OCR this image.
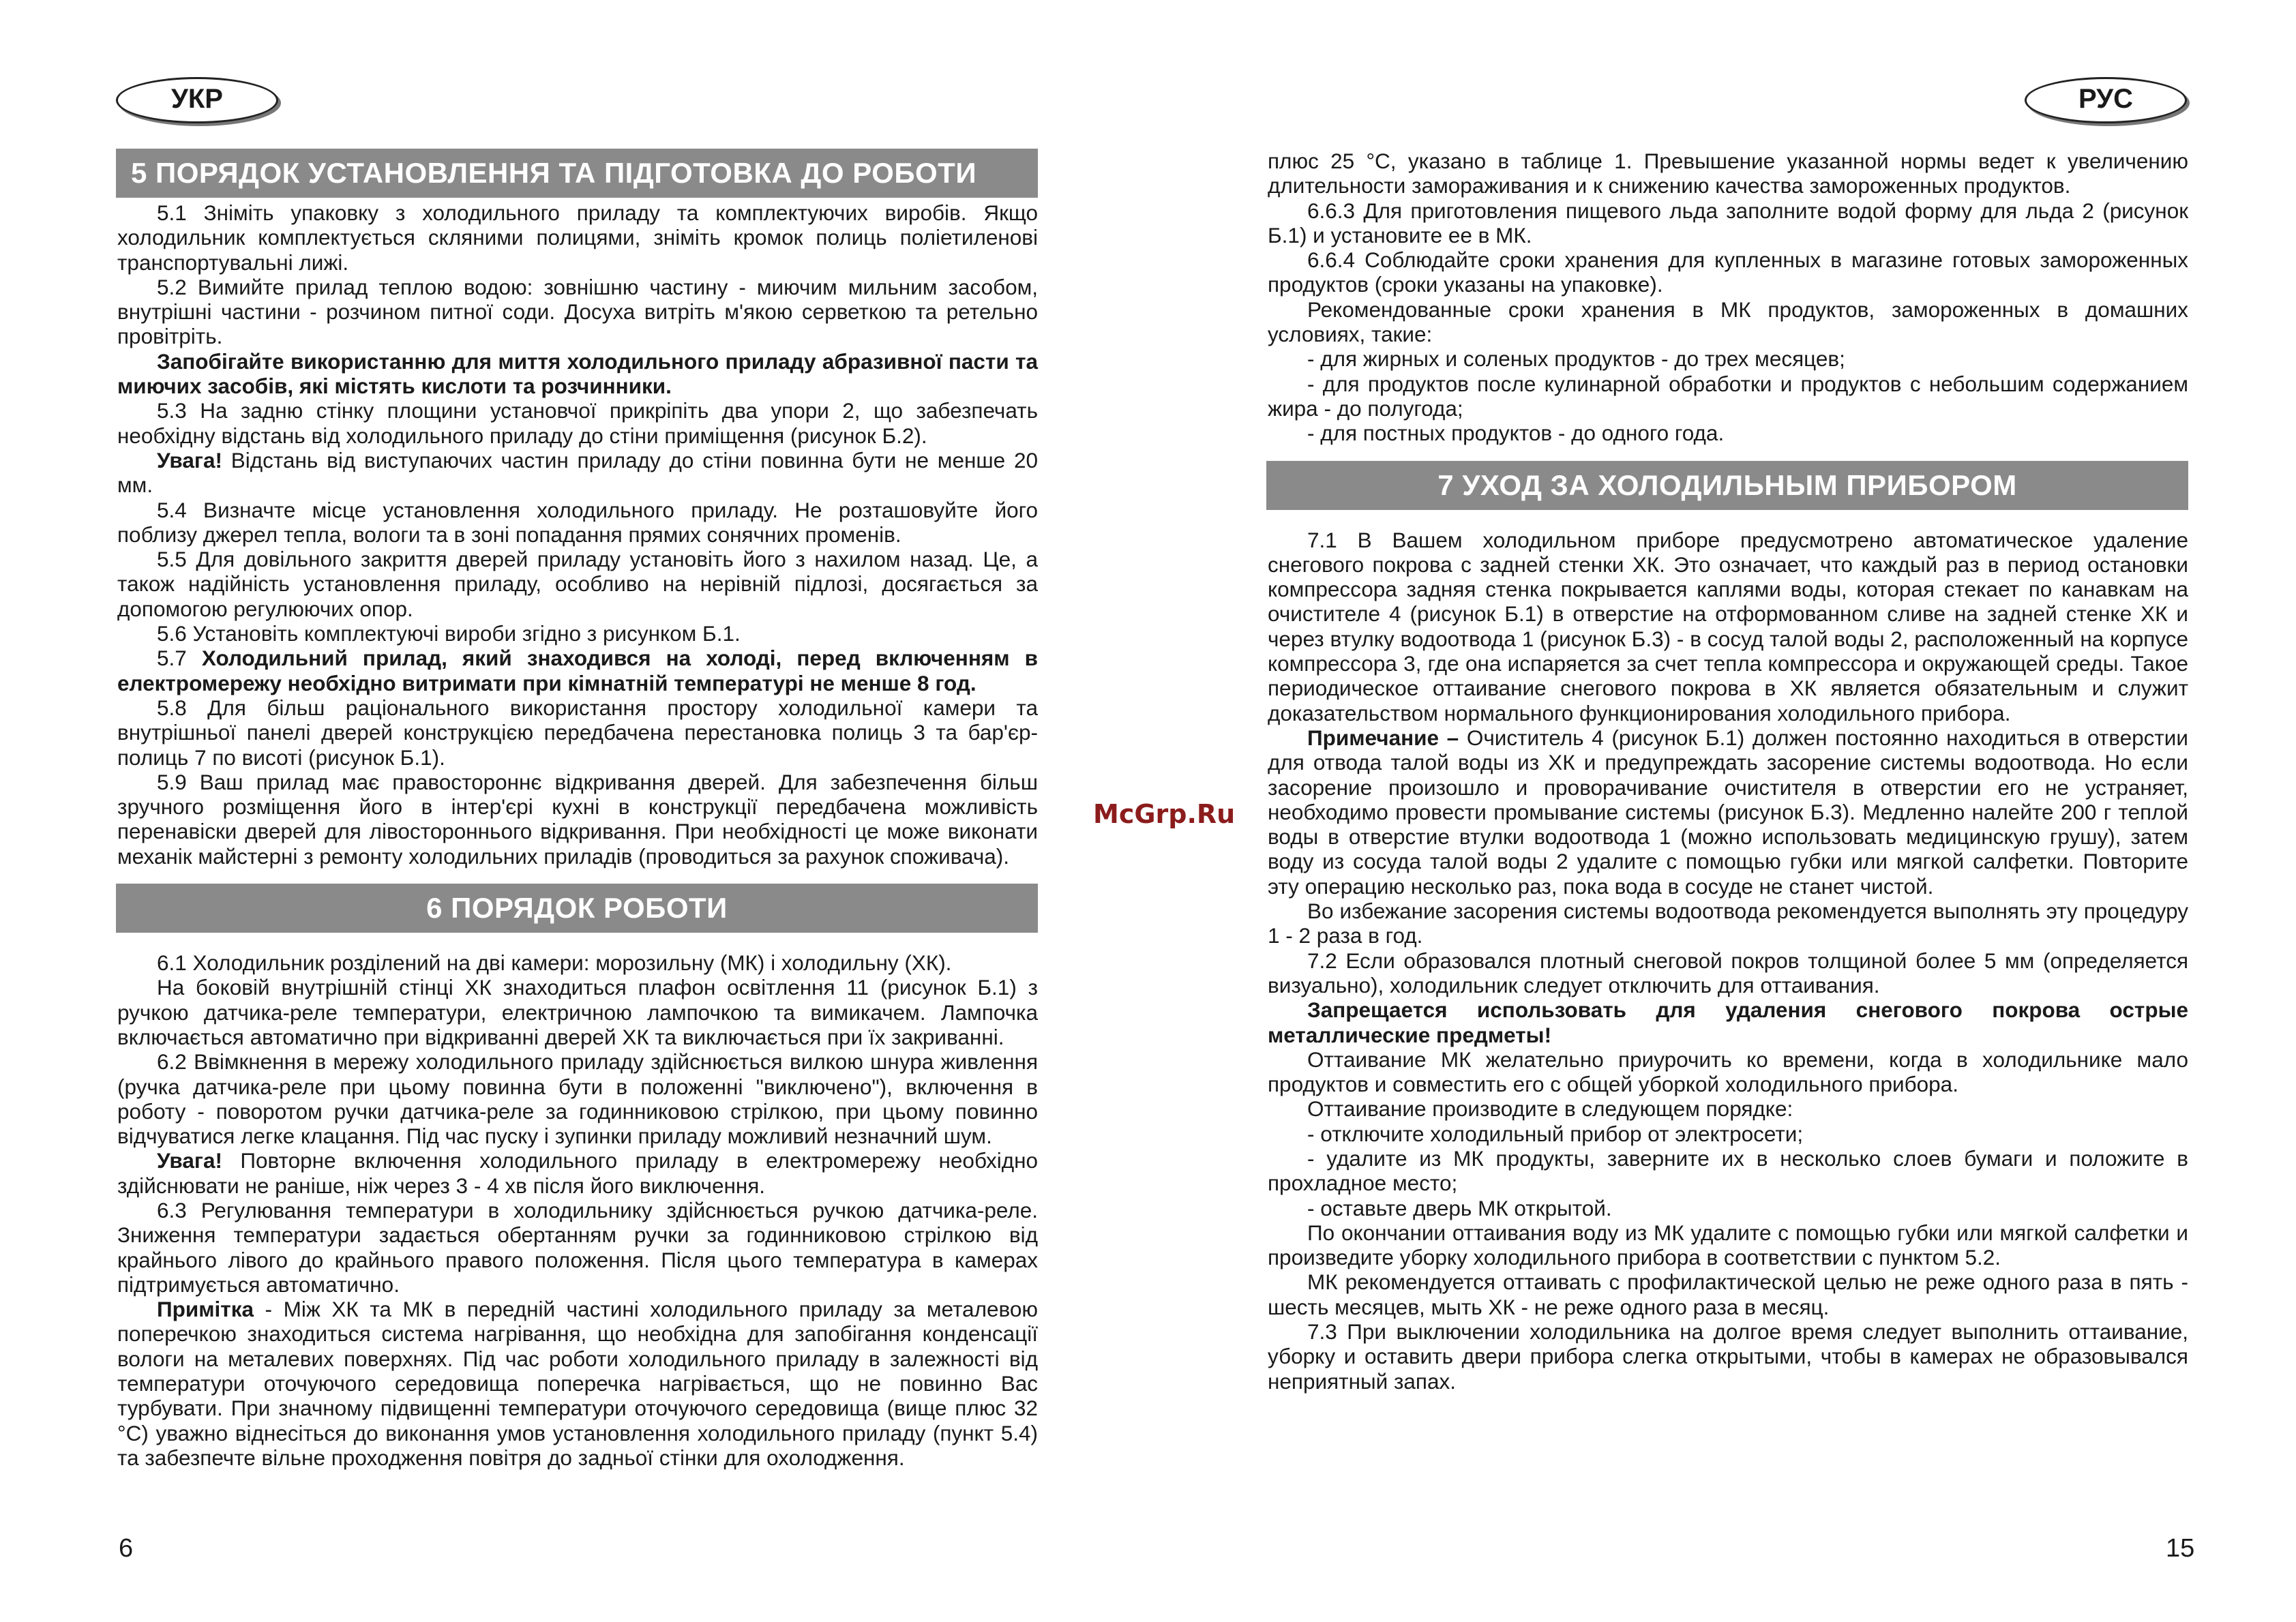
УКР
5 ПОРЯДОК УСТАНОВЛЕННЯ ТА ПІДГОТОВКА ДО РОБОТИ

5.1 Зніміть упаковку з холодильного приладу та комплектуючих виробів. Якщо холодильник комплектується скляними полицями, зніміть кромок полиць поліетиленові транспортувальні лижі.

5.2 Вимийте прилад теплою водою: зовнішню частину - миючим мильним засобом, внутрішні частини - розчином питної соди. Досуха витріть м'якою серветкою та ретельно провітріть.

Запобігайте використанню для миття холодильного приладу абразивної пасти та миючих засобів, які містять кислоти та розчинники.

5.3 На задню стінку площини установчої прикріпіть два упори 2, що забезпечать необхідну відстань від холодильного приладу до стіни приміщення (рисунок Б.2).

Увага! Відстань від виступаючих частин приладу до стіни повинна бути не менше 20 мм.

5.4 Визначте місце установлення холодильного приладу. Не розташовуйте його поблизу джерел тепла, вологи та в зоні попадання прямих сонячних променів.

5.5 Для довільного закриття дверей приладу установіть його з нахилом назад. Це, а також надійність установлення приладу, особливо на нерівній підлозі, досягається за допомогою регулюючих опор.

5.6 Установіть комплектуючі вироби згідно з рисунком Б.1.

5.7 Холодильний прилад, який знаходився на холоді, перед включенням в електромережу необхідно витримати при кімнатній температурі не менше 8 год.

5.8 Для більш раціонального використання простору холодильної камери та внутрішньої панелі дверей конструкцією передбачена перестановка полиць 3 та бар'єр-полиць 7 по висоті (рисунок Б.1).

5.9 Ваш прилад має правостороннє відкривання дверей. Для забезпечення більш зручного розміщення його в інтер'єрі кухні в конструкції передбачена можливість перенавіски дверей для лівостороннього відкривання. При необхідності це може виконати механік майстерні з ремонту холодильних приладів (проводиться за рахунок споживача).

6 ПОРЯДОК РОБОТИ

6.1 Холодильник розділений на дві камери: морозильну (МК) і холодильну (ХК).

На боковій внутрішній стінці ХК знаходиться плафон освітлення 11 (рисунок Б.1) з ручкою датчика-реле температури, електричною лампочкою та вимикачем. Лампочка включається автоматично при відкриванні дверей ХК та виключається при їх закриванні.

6.2 Ввімкнення в мережу холодильного приладу здійснюється вилкою шнура живлення (ручка датчика-реле при цьому повинна бути в положенні "виключено"), включення в роботу - поворотом ручки датчика-реле за годинниковою стрілкою, при цьому повинно відчуватися легке клацання. Під час пуску і зупинки приладу можливий незначний шум.

Увага! Повторне включення холодильного приладу в електромережу необхідно здійснювати не раніше, ніж через 3 - 4 хв після його виключення.

6.3 Регулювання температури в холодильнику здійснюється ручкою датчика-реле. Зниження температури задається обертанням ручки за годинниковою стрілкою від крайнього лівого до крайнього правого положення. Після цього температура в камерах підтримується автоматично.

Примітка - Між ХК та МК в передній частині холодильного приладу за металевою поперечкою знаходиться система нагрівання, що необхідна для запобігання конденсації вологи на металевих поверхнях. Під час роботи холодильного приладу в залежності від температури оточуючого середовища поперечка нагрівається, що не повинно Вас турбувати. При значному підвищенні температури оточуючого середовища (вище плюс 32 °С) уважно віднесіться до виконання умов установлення холодильного приладу (пункт 5.4) та забезпечте вільне проходження повітря до задньої стінки для охолодження.

6
РУС

плюс 25 °С, указано в таблице 1. Превышение указанной нормы ведет к увеличению длительности замораживания и к снижению качества замороженных продуктов.

6.6.3 Для приготовления пищевого льда заполните водой форму для льда 2 (рисунок Б.1) и установите ее в МК.

6.6.4 Соблюдайте сроки хранения для купленных в магазине готовых замороженных продуктов (сроки указаны на упаковке).

Рекомендованные сроки хранения в МК продуктов, замороженных в домашних условиях, такие:

- для жирных и соленых продуктов - до трех месяцев;

- для продуктов после кулинарной обработки и продуктов с небольшим содержанием жира - до полугода;

- для постных продуктов - до одного года.

7 УХОД ЗА ХОЛОДИЛЬНЫМ ПРИБОРОМ

7.1 В Вашем холодильном приборе предусмотрено автоматическое удаление снегового покрова с задней стенки ХК. Это означает, что каждый раз в период остановки компрессора задняя стенка покрывается каплями воды, которая стекает по канавкам на очистителе 4 (рисунок Б.1) в отверстие на отформованном сливе на задней стенке ХК и через втулку водоотвода 1 (рисунок Б.3) - в сосуд талой воды 2, расположенный на корпусе компрессора 3, где она испаряется за счет тепла компрессора и окружающей среды. Такое периодическое оттаивание снегового покрова в ХК является обязательным и служит доказательством нормального функционирования холодильного прибора.

Примечание – Очиститель 4 (рисунок Б.1) должен постоянно находиться в отверстии для отвода талой воды из ХК и предупреждать засорение системы водоотвода. Но если засорение произошло и проворачивание очистителя в отверстии его не устраняет, необходимо провести промывание системы (рисунок Б.3). Медленно налейте 200 г теплой воды в отверстие втулки водоотвода 1 (можно использовать медицинскую грушу), затем воду из сосуда талой воды 2 удалите с помощью губки или мягкой салфетки. Повторите эту операцию несколько раз, пока вода в сосуде не станет чистой.

Во избежание засорения системы водоотвода рекомендуется выполнять эту процедуру 1 - 2 раза в год.

7.2 Если образовался плотный снеговой покров толщиной более 5 мм (определяется визуально), холодильник следует отключить для оттаивания.

Запрещается использовать для удаления снегового покрова острые металлические предметы!

Оттаивание МК желательно приурочить ко времени, когда в холодильнике мало продуктов и совместить его с общей уборкой холодильного прибора.

Оттаивание производите в следующем порядке:

- отключите холодильный прибор от электросети;

- удалите из МК продукты, заверните их в несколько слоев бумаги и положите в прохладное место;

- оставьте дверь МК открытой.

По окончании оттаивания воду из МК удалите с помощью губки или мягкой салфетки и произведите уборку холодильного прибора в соответствии с пунктом 5.2.

МК рекомендуется оттаивать с профилактической целью не реже одного раза в пять - шесть месяцев, мыть ХК - не реже одного раза в месяц.

7.3 При выключении холодильника на долгое время следует выполнить оттаивание, уборку и оставить двери прибора слегка открытыми, чтобы в камерах не образовывался неприятный запах.

15
McGrp.Ru
